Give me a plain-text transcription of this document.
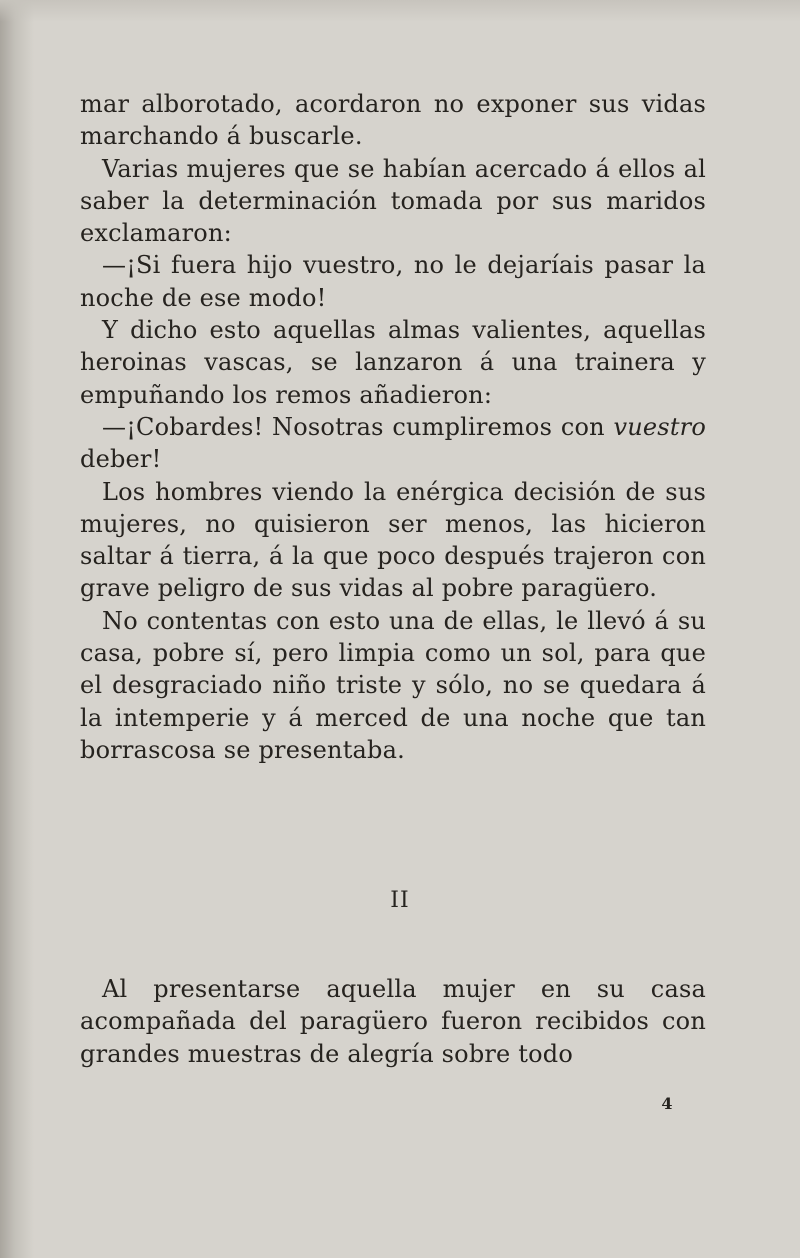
mar alborotado, acordaron no exponer sus vidas marchando á buscarle.

Varias mujeres que se habían acercado á ellos al saber la determinación tomada por sus maridos exclamaron:

—¡Si fuera hijo vuestro, no le dejaríais pasar la noche de ese modo!

Y dicho esto aquellas almas valientes, aquellas heroinas vascas, se lanzaron á una trainera y empuñando los remos añadieron:

—¡Cobardes! Nosotras cumpliremos con vuestro deber!

Los hombres viendo la enérgica decisión de sus mujeres, no quisieron ser menos, las hicieron saltar á tierra, á la que poco después trajeron con grave peligro de sus vidas al pobre paragüero.

No contentas con esto una de ellas, le llevó á su casa, pobre sí, pero limpia como un sol, para que el desgraciado niño triste y sólo, no se quedara á la intemperie y á merced de una noche que tan borrascosa se presentaba.

II

Al presentarse aquella mujer en su casa acompañada del paragüero fueron recibidos con grandes muestras de alegría sobre todo

4
